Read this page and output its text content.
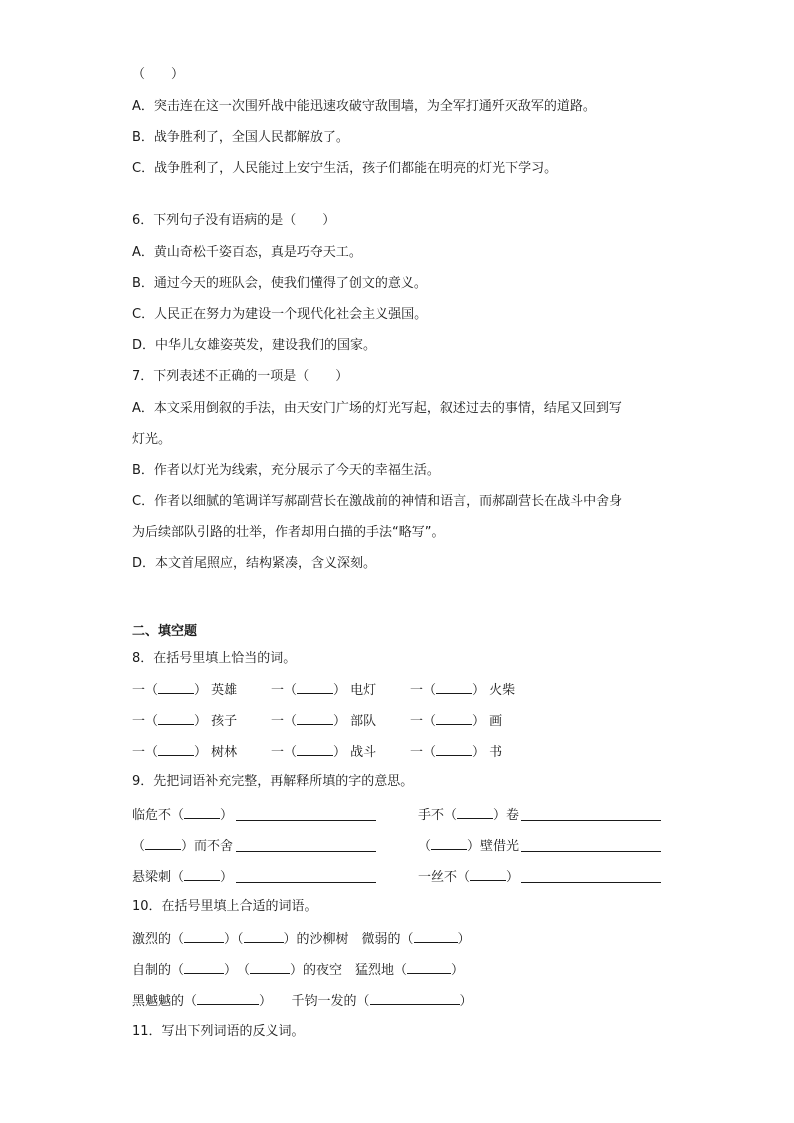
（　　）

A．突击连在这一次围歼战中能迅速攻破守敌围墙，为全军打通歼灭敌军的道路。

B．战争胜利了，全国人民都解放了。

C．战争胜利了，人民能过上安宁生活，孩子们都能在明亮的灯光下学习。

6．下列句子没有语病的是（　　）

A．黄山奇松千姿百态，真是巧夺天工。

B．通过今天的班队会，使我们懂得了创文的意义。

C．人民正在努力为建设一个现代化社会主义强国。

D．中华儿女雄姿英发，建设我们的国家。

7．下列表述不正确的一项是（　　）

A．本文采用倒叙的手法，由天安门广场的灯光写起，叙述过去的事情，结尾又回到写

灯光。

B．作者以灯光为线索，充分展示了今天的幸福生活。

C．作者以细腻的笔调详写郝副营长在激战前的神情和语言，而郝副营长在战斗中舍身

为后续部队引路的壮举，作者却用白描的手法“略写”。

D．本文首尾照应，结构紧凑，含义深刻。

二、填空题

8．在括号里填上恰当的词。

一（	） 英雄	一（	） 电灯	一（	） 火柴
一（	） 孩子	一（	） 部队	一（	） 画
一（	） 树林	一（	） 战斗	一（	） 书

9．先把词语补充完整，再解释所填的字的意思。

临危不（	）	手不（	）卷
（	）而不舍	（	）壁借光
悬梁刺（	）	一丝不（	）

10．在括号里填上合适的词语。

激烈的（	）（	）的沙柳树　微弱的（	）
自制的（	）　（	）的夜空　猛烈地（	）
黑魆魆的（	）　　千钧一发的（	）

11．写出下列词语的反义词。
